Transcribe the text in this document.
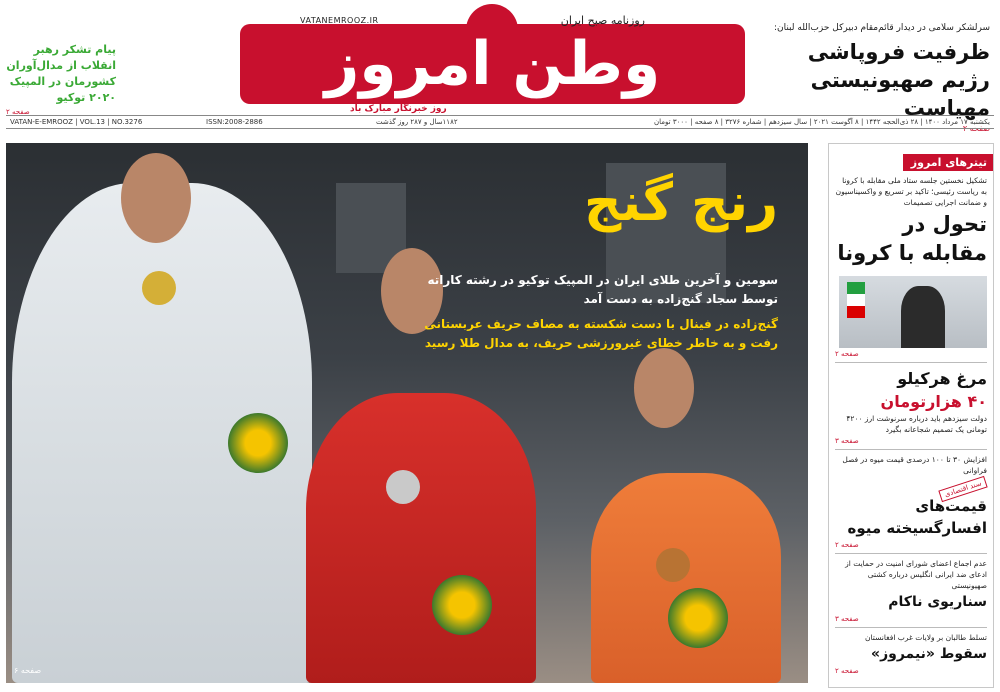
سرلشکر سلامی در دیدار قائم‌مقام دبیرکل حزب‌الله لبنان:
ظرفیت فروپاشی رژیم صهیونیستی مهیاست
صفحه ۲
وطن امروز
VATANEMROOZ.IR	روزنامه صبح ایران
روز خبرنگار مبارک باد
پیام تشکر رهبر انقلاب از مدال‌آوران کشورمان در المپیک ۲۰۲۰ توکیو
صفحه ۲
یکشنبه ۱۷ مرداد ۱۴۰۰ | ۲۸ ذی‌الحجه ۱۴۴۲ | ۸ آگوست ۲۰۲۱ | سال سیزدهم | شماره ۳۲۷۶ | ۸ صفحه | ۳۰۰۰ تومان
۱۱۸۲سال و ۲۸۷ روز گذشت
ISSN:2008-2886
VATAN-E-EMROOZ | VOL.13 | NO.3276
رنج گنج
سومین و آخرین طلای ایران در المپیک توکیو در رشته کاراته توسط سجاد گنج‌زاده به دست آمد
گنج‌زاده در فینال با دست شکسته به مصاف حریف عربستانی رفت و به خاطر خطای غیرورزشی حریف، به مدال طلا رسید
صفحه ۶
تیترهای امروز
تشکیل نخستین جلسه ستاد ملی مقابله با کرونا به ریاست رئیسی؛ تاکید بر تسریع و واکسیناسیون و ضمانت اجرایی تصمیمات
تحول در مقابله با کرونا
صفحه ۲
مرغ هرکیلو
۴۰ هزارتومان
دولت سیزدهم باید درباره سرنوشت ارز ۴۲۰۰ تومانی یک تصمیم شجاعانه بگیرد
صفحه ۳
افزایش ۳۰ تا ۱۰۰ درصدی قیمت میوه در فصل فراوانی
سند اقتصادی
قیمت‌های افسارگسیخته میوه
صفحه ۲
عدم اجماع اعضای شورای امنیت در حمایت از ادعای ضد ایرانی انگلیس درباره کشتی صهیونیستی
سناریوی ناکام
صفحه ۳
تسلط طالبان بر ولایات غرب افغانستان
سقوط «نیمروز»
صفحه ۲
